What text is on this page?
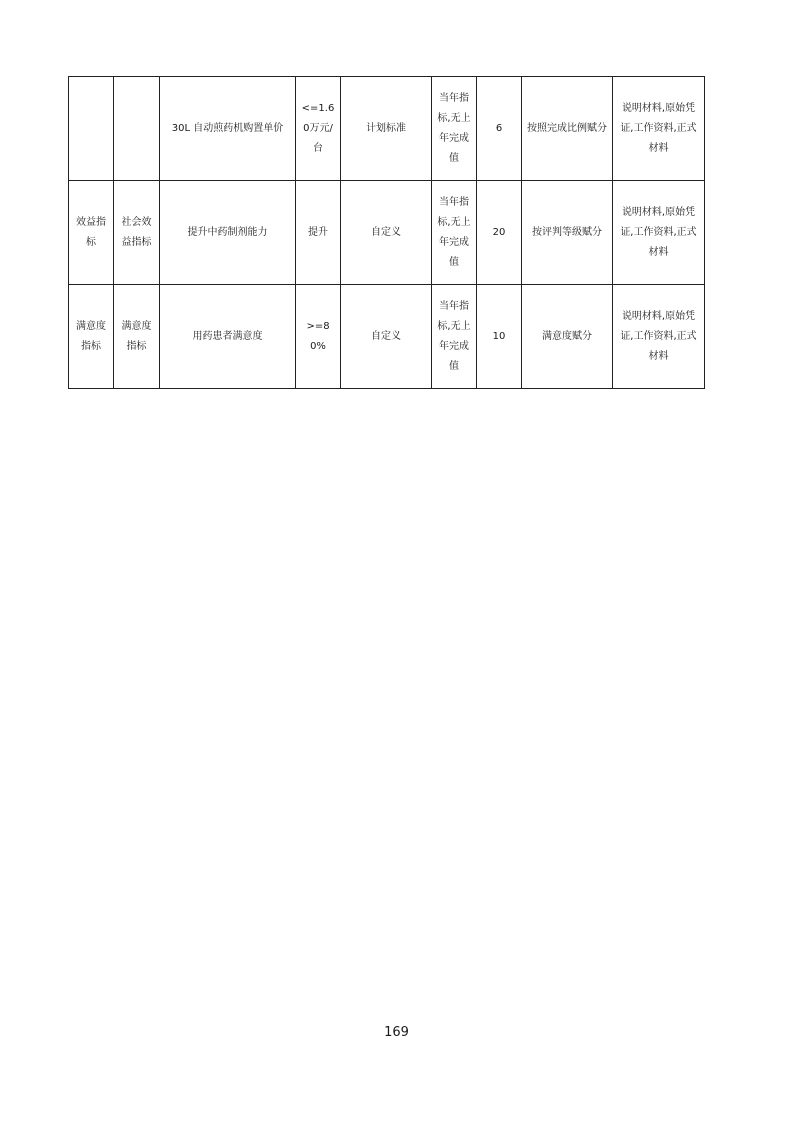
		30L 自动煎药机购置单价	<=1.60万元/台	计划标准	当年指标,无上年完成值	6	按照完成比例赋分	说明材料,原始凭证,工作资料,正式材料
效益指标	社会效益指标	提升中药制剂能力	提升	自定义	当年指标,无上年完成值	20	按评判等级赋分	说明材料,原始凭证,工作资料,正式材料
满意度指标	满意度指标	用药患者满意度	>=80%	自定义	当年指标,无上年完成值	10	满意度赋分	说明材料,原始凭证,工作资料,正式材料
169
